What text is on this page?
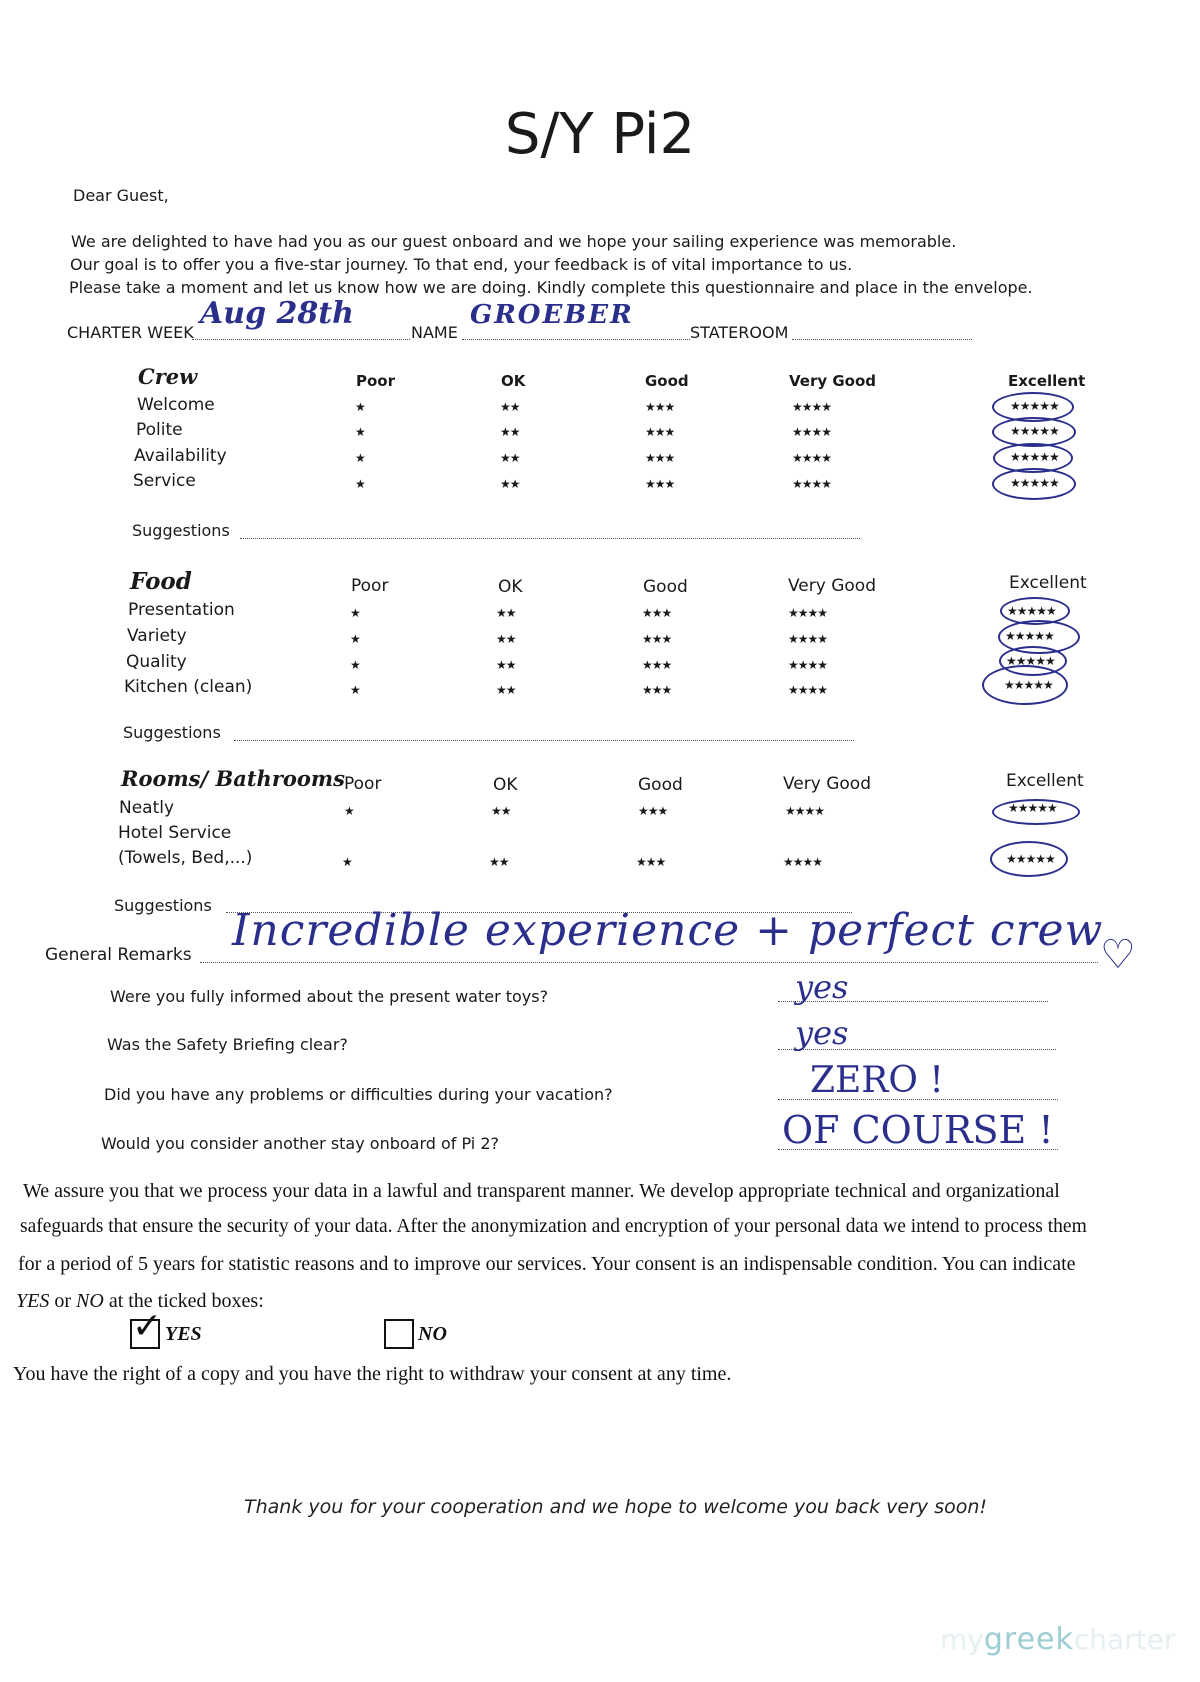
S/Y Pi2
Dear Guest,
We are delighted to have had you as our guest onboard and we hope your sailing experience was memorable.
Our goal is to offer you a five-star journey. To that end, your feedback is of vital importance to us.
Please take a moment and let us know how we are doing. Kindly complete this questionnaire and place in the envelope.
CHARTER WEEK
Aug 28th
NAME
GROEBER
STATEROOM
Crew	Poor	OK	Good	Very Good	Excellent
Welcome	★	★★	★★★	★★★★	★★★★★
Polite	★	★★	★★★	★★★★	★★★★★
Availability	★	★★	★★★	★★★★	★★★★★
Service	★	★★	★★★	★★★★	★★★★★
Suggestions
Food	Poor	OK	Good	Very Good	Excellent
Presentation	★	★★	★★★	★★★★	★★★★★
Variety	★	★★	★★★	★★★★	★★★★★
Quality	★	★★	★★★	★★★★	★★★★★
Kitchen (clean)	★	★★	★★★	★★★★	★★★★★
Suggestions
Rooms/ Bathrooms Poor	OK	Good	Very Good	Excellent
Neatly	★	★★	★★★	★★★★	★★★★★
Hotel Service
(Towels, Bed,...)	★	★★	★★★	★★★★	★★★★★
Suggestions
General Remarks Incredible experience + perfect crew
♡
Were you fully informed about the present water toys?	yes
Was the Safety Briefing clear?	yes
Did you have any problems or difficulties during your vacation?	ZERO !
Would you consider another stay onboard of Pi 2?	OF COURSE !
We assure you that we process your data in a lawful and transparent manner. We develop appropriate technical and organizational
safeguards that ensure the security of your data. After the anonymization and encryption of your personal data we intend to process them
for a period of 5 years for statistic reasons and to improve our services. Your consent is an indispensable condition. You can indicate
YES or NO at the ticked boxes:
✓ YES	NO
You have the right of a copy and you have the right to withdraw your consent at any time.
Thank you for your cooperation and we hope to welcome you back very soon!
mygreekcharter
